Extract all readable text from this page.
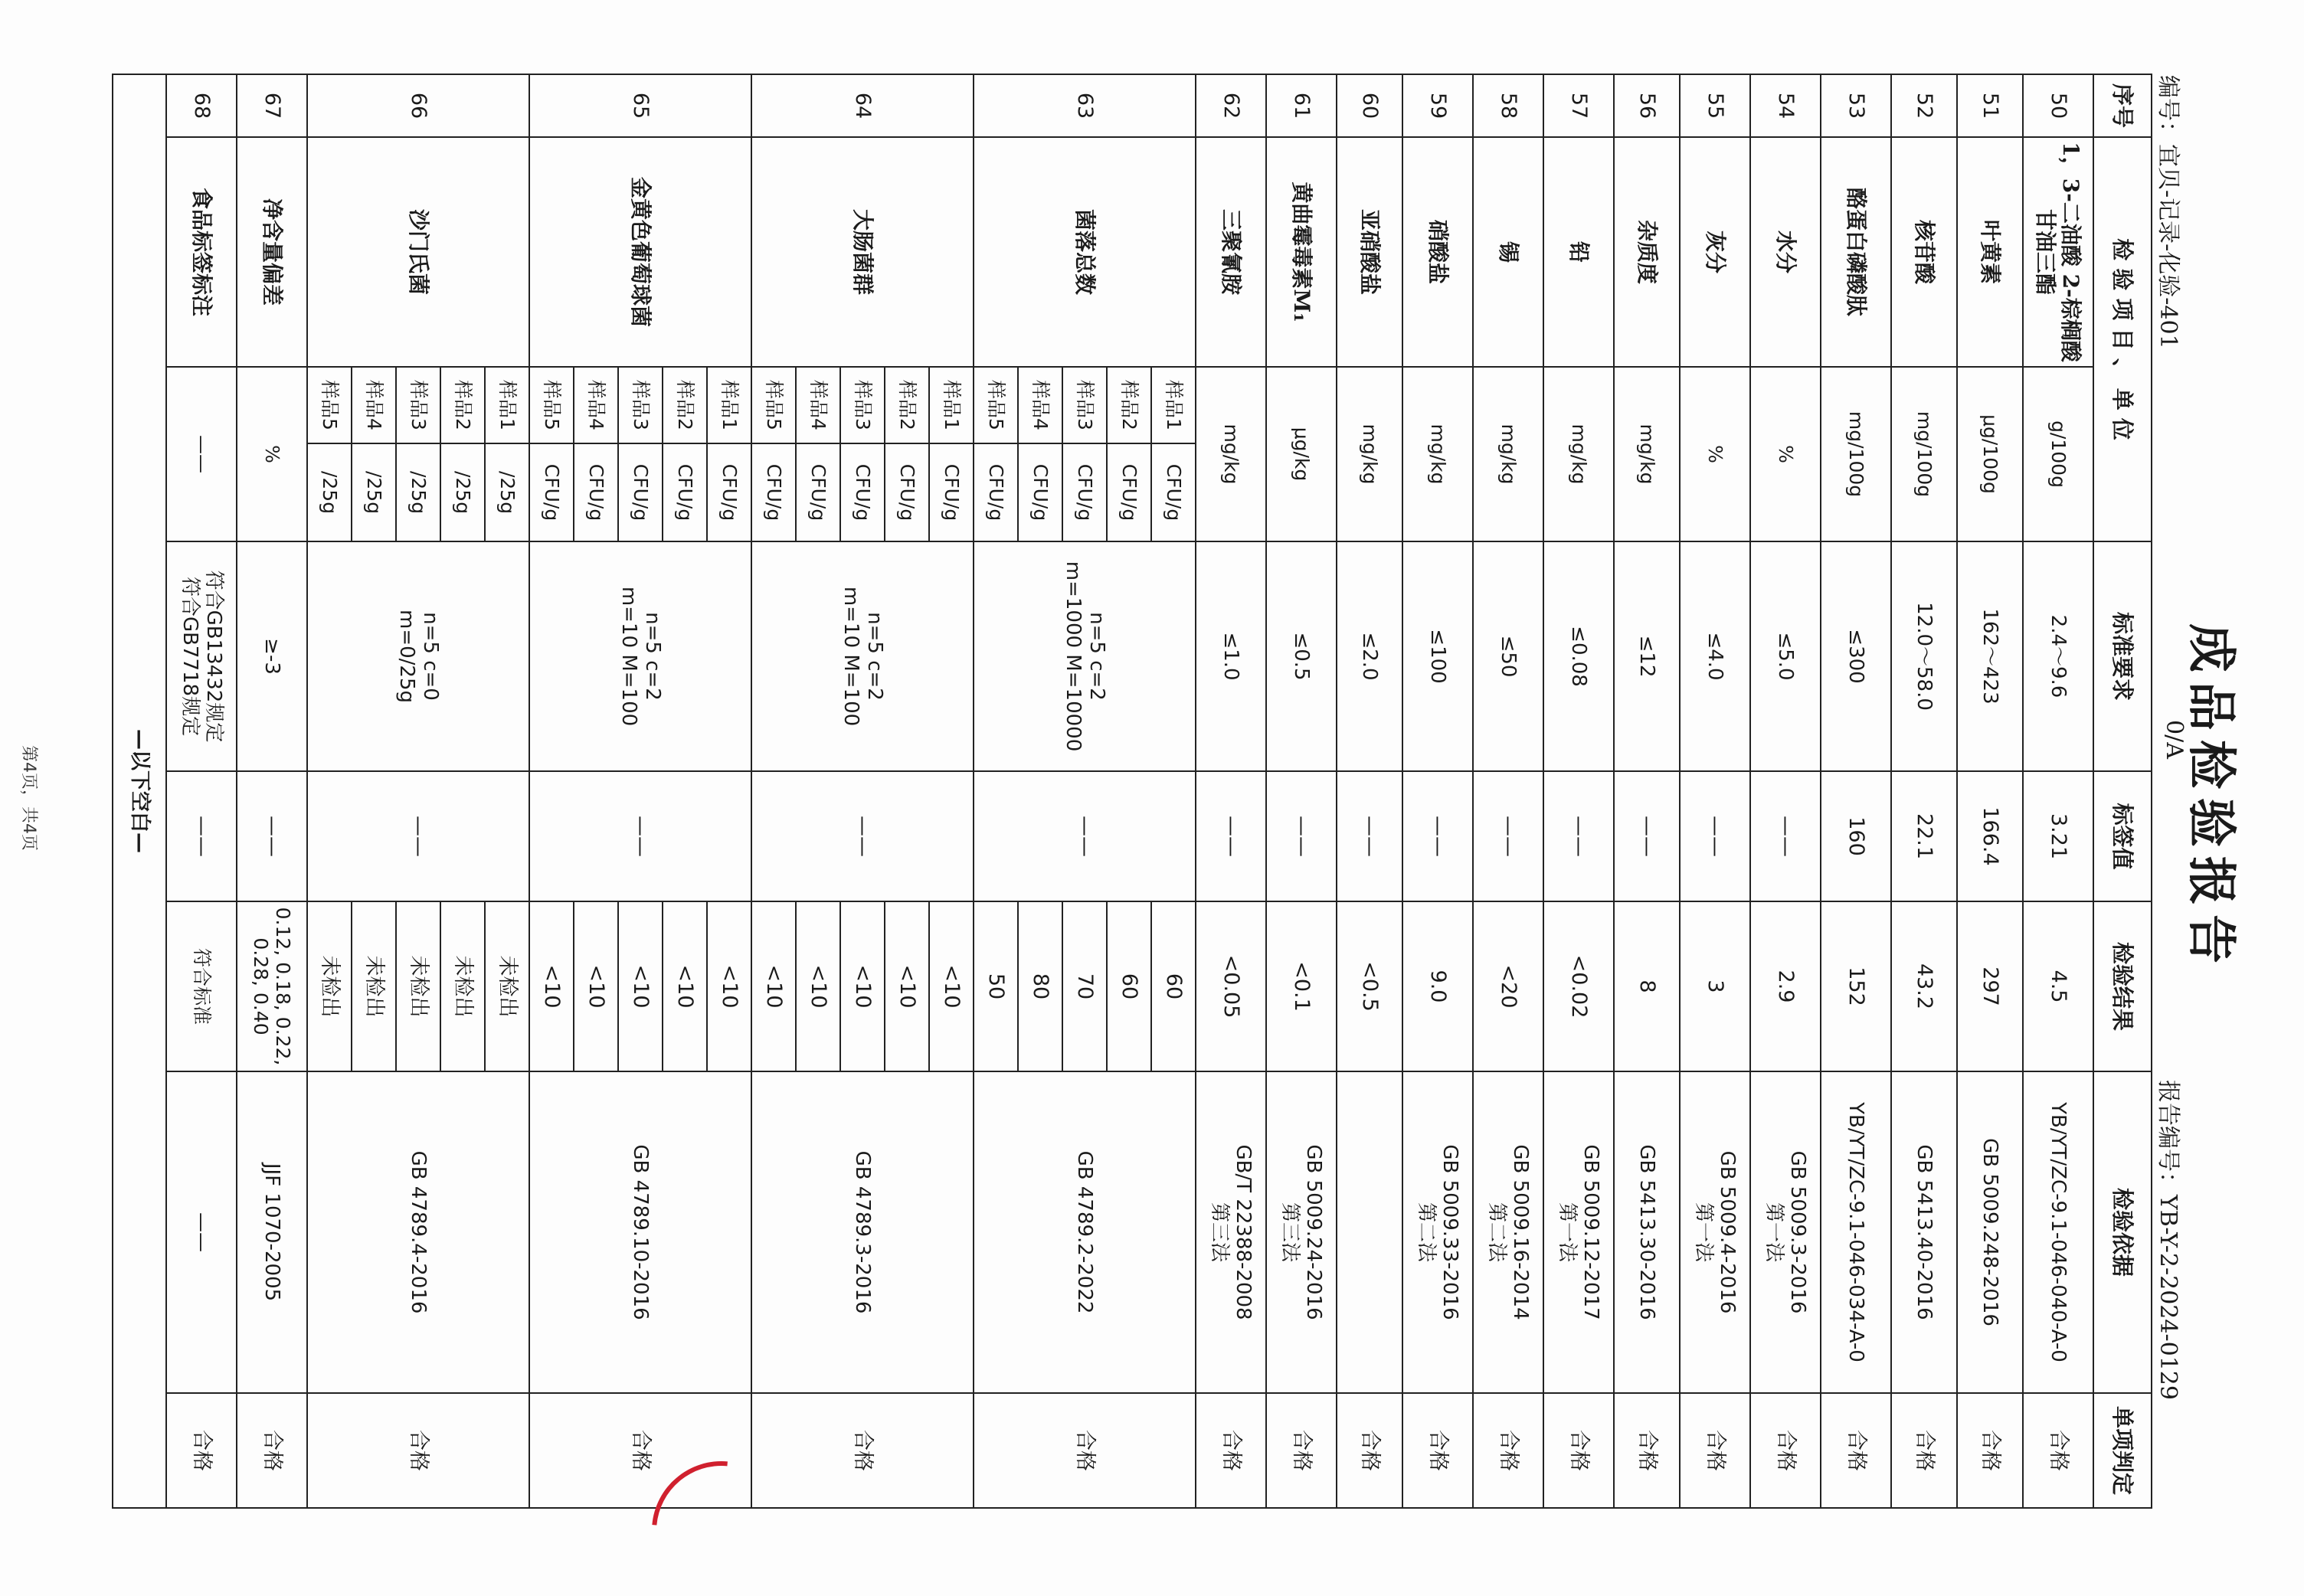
成品检验报告
编号：宜贝-记录-化验-401
0/A
报告编号：YB-Y-2-2024-0129
序号	检 验 项 目 、 单 位			标准要求	标签值	检验结果	检验依据	单项判定
50	1，3-二油酸 2-棕榈酸甘油三酯	g/100g		2.4～9.6	3.21	4.5	YB/YT/ZC-9.1-046-040-A-0	合格
51	叶黄素	μg/100g		162～423	166.4	297	GB 5009.248-2016	合格
52	核苷酸	mg/100g		12.0～58.0	22.1	43.2	GB 5413.40-2016	合格
53	酪蛋白磷酸肽	mg/100g		≤300	160	152	YB/YT/ZC-9.1-046-034-A-0	合格
54	水分	%		≤5.0	——	2.9	GB 5009.3-2016
第一法	合格
55	灰分	%		≤4.0	——	3	GB 5009.4-2016
第一法	合格
56	杂质度	mg/kg		≤12	——	8	GB 5413.30-2016	合格
57	铅	mg/kg		≤0.08	——	<0.02	GB 5009.12-2017
第一法	合格
58	锡	mg/kg		≤50	——	<20	GB 5009.16-2014
第二法	合格
59	硝酸盐	mg/kg		≤100	——	9.0	GB 5009.33-2016
第二法	合格
60	亚硝酸盐	mg/kg		≤2.0	——	<0.5		合格
61	黄曲霉毒素M₁	μg/kg		≤0.5	——	<0.1	GB 5009.24-2016
第三法	合格
62	三聚氰胺	mg/kg		≤1.0	——	<0.05	GB/T 22388-2008
第三法	合格
63	菌落总数	样品1	CFU/g	n=5 c=2
m=1000 M=10000	——	60	GB 4789.2-2022	合格
		样品2	CFU/g			60		
		样品3	CFU/g			70		
		样品4	CFU/g			80		
		样品5	CFU/g			50		
64	大肠菌群	样品1	CFU/g	n=5 c=2
m=10 M=100	——	<10	GB 4789.3-2016	合格
		样品2	CFU/g			<10		
		样品3	CFU/g			<10		
		样品4	CFU/g			<10		
		样品5	CFU/g			<10		
65	金黄色葡萄球菌	样品1	CFU/g	n=5 c=2
m=10 M=100	——	<10	GB 4789.10-2016	合格
		样品2	CFU/g			<10		
		样品3	CFU/g			<10		
		样品4	CFU/g			<10		
		样品5	CFU/g			<10		
66	沙门氏菌	样品1	/25g	n=5 c=0
m=0/25g	——	未检出	GB 4789.4-2016	合格
		样品2	/25g			未检出		
		样品3	/25g			未检出		
		样品4	/25g			未检出		
		样品5	/25g			未检出		
67	净含量偏差	%		≥-3	——	0.12, 0.18, 0.22, 0.28, 0.40	JJF 1070-2005	合格
68	食品标签标注	——		符合GB13432规定
符合GB7718规定	——	符合标准	——	合格
—以下空白—								
第4页，共4页
